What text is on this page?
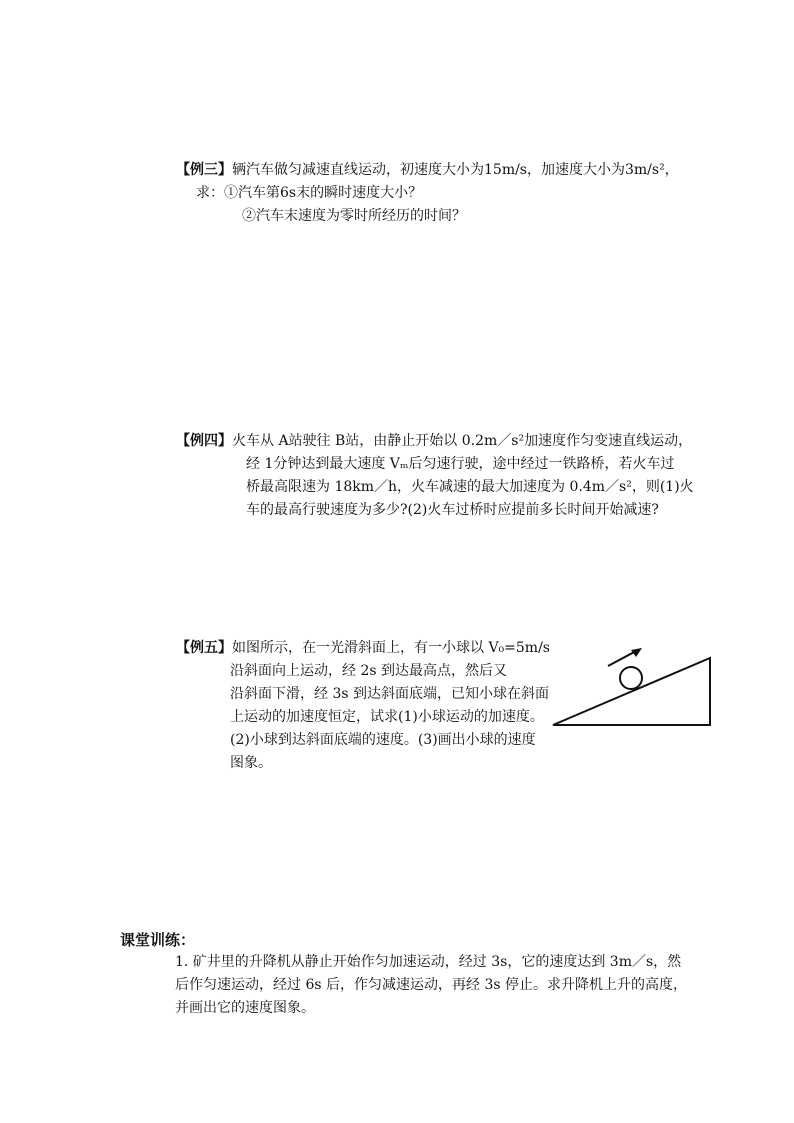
【例三】辆汽车做匀减速直线运动，初速度大小为15m/s，加速度大小为3m/s²，
求：①汽车第6s末的瞬时速度大小？
②汽车末速度为零时所经历的时间？
【例四】火车从 A站驶往 B站，由静止开始以 0.2m／s²加速度作匀变速直线运动，
经 1分钟达到最大速度 Vₘ后匀速行驶，途中经过一铁路桥，若火车过
桥最高限速为 18km／h，火车减速的最大加速度为 0.4m／s²，则(1)火
车的最高行驶速度为多少?(2)火车过桥时应提前多长时间开始减速?
【例五】如图所示，在一光滑斜面上，有一小球以 V₀=5m/s
沿斜面向上运动，经 2s 到达最高点，然后又
沿斜面下滑，经 3s 到达斜面底端，已知小球在斜面
上运动的加速度恒定，试求(1)小球运动的加速度。
(2)小球到达斜面底端的速度。(3)画出小球的速度
图象。
课堂训练：
1. 矿井里的升降机从静止开始作匀加速运动，经过 3s，它的速度达到 3m／s，然
后作匀速运动，经过 6s 后，作匀减速运动，再经 3s 停止。求升降机上升的高度，
并画出它的速度图象。
